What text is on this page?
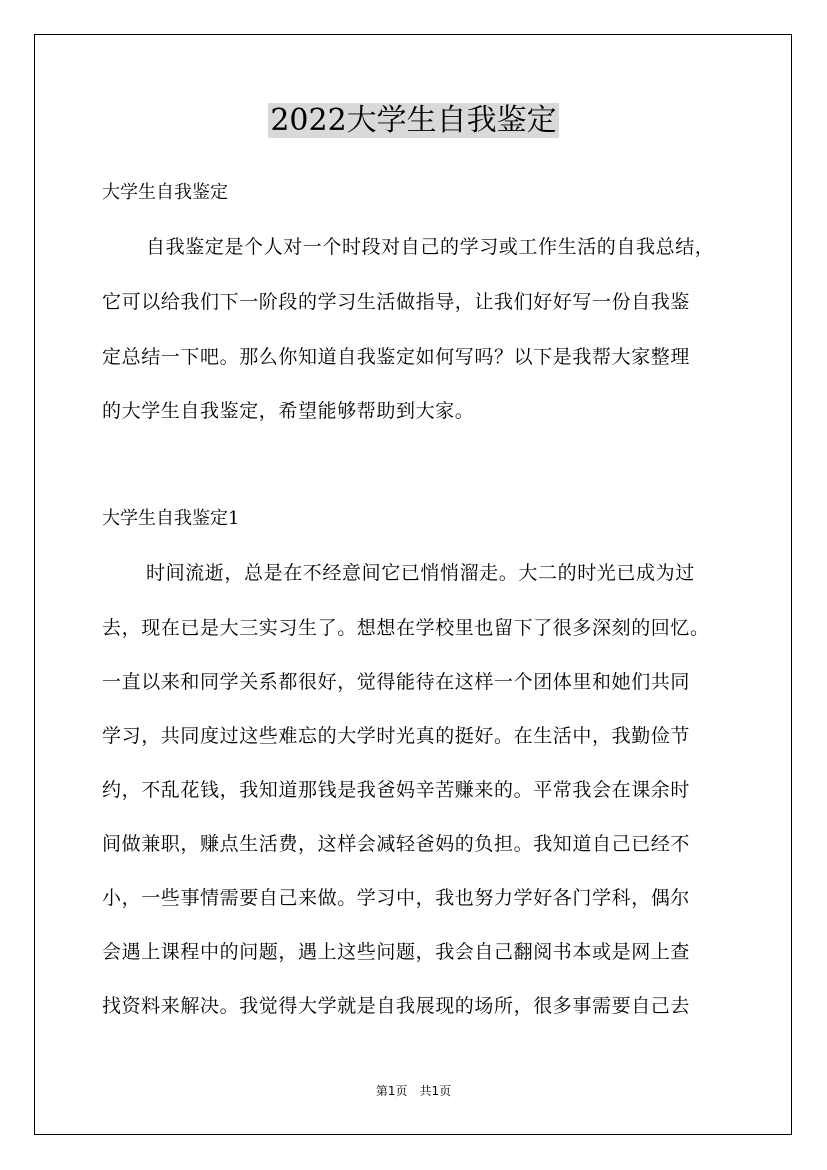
2022大学生自我鉴定
大学生自我鉴定

自我鉴定是个人对一个时段对自己的学习或工作生活的自我总结，

它可以给我们下一阶段的学习生活做指导，让我们好好写一份自我鉴

定总结一下吧。那么你知道自我鉴定如何写吗？以下是我帮大家整理

的大学生自我鉴定，希望能够帮助到大家。

大学生自我鉴定1

时间流逝，总是在不经意间它已悄悄溜走。大二的时光已成为过

去，现在已是大三实习生了。想想在学校里也留下了很多深刻的回忆。

一直以来和同学关系都很好，觉得能待在这样一个团体里和她们共同

学习，共同度过这些难忘的大学时光真的挺好。在生活中，我勤俭节

约，不乱花钱，我知道那钱是我爸妈辛苦赚来的。平常我会在课余时

间做兼职，赚点生活费，这样会减轻爸妈的负担。我知道自己已经不

小，一些事情需要自己来做。学习中，我也努力学好各门学科，偶尔

会遇上课程中的问题，遇上这些问题，我会自己翻阅书本或是网上查

找资料来解决。我觉得大学就是自我展现的场所，很多事需要自己去

第1页　共1页
